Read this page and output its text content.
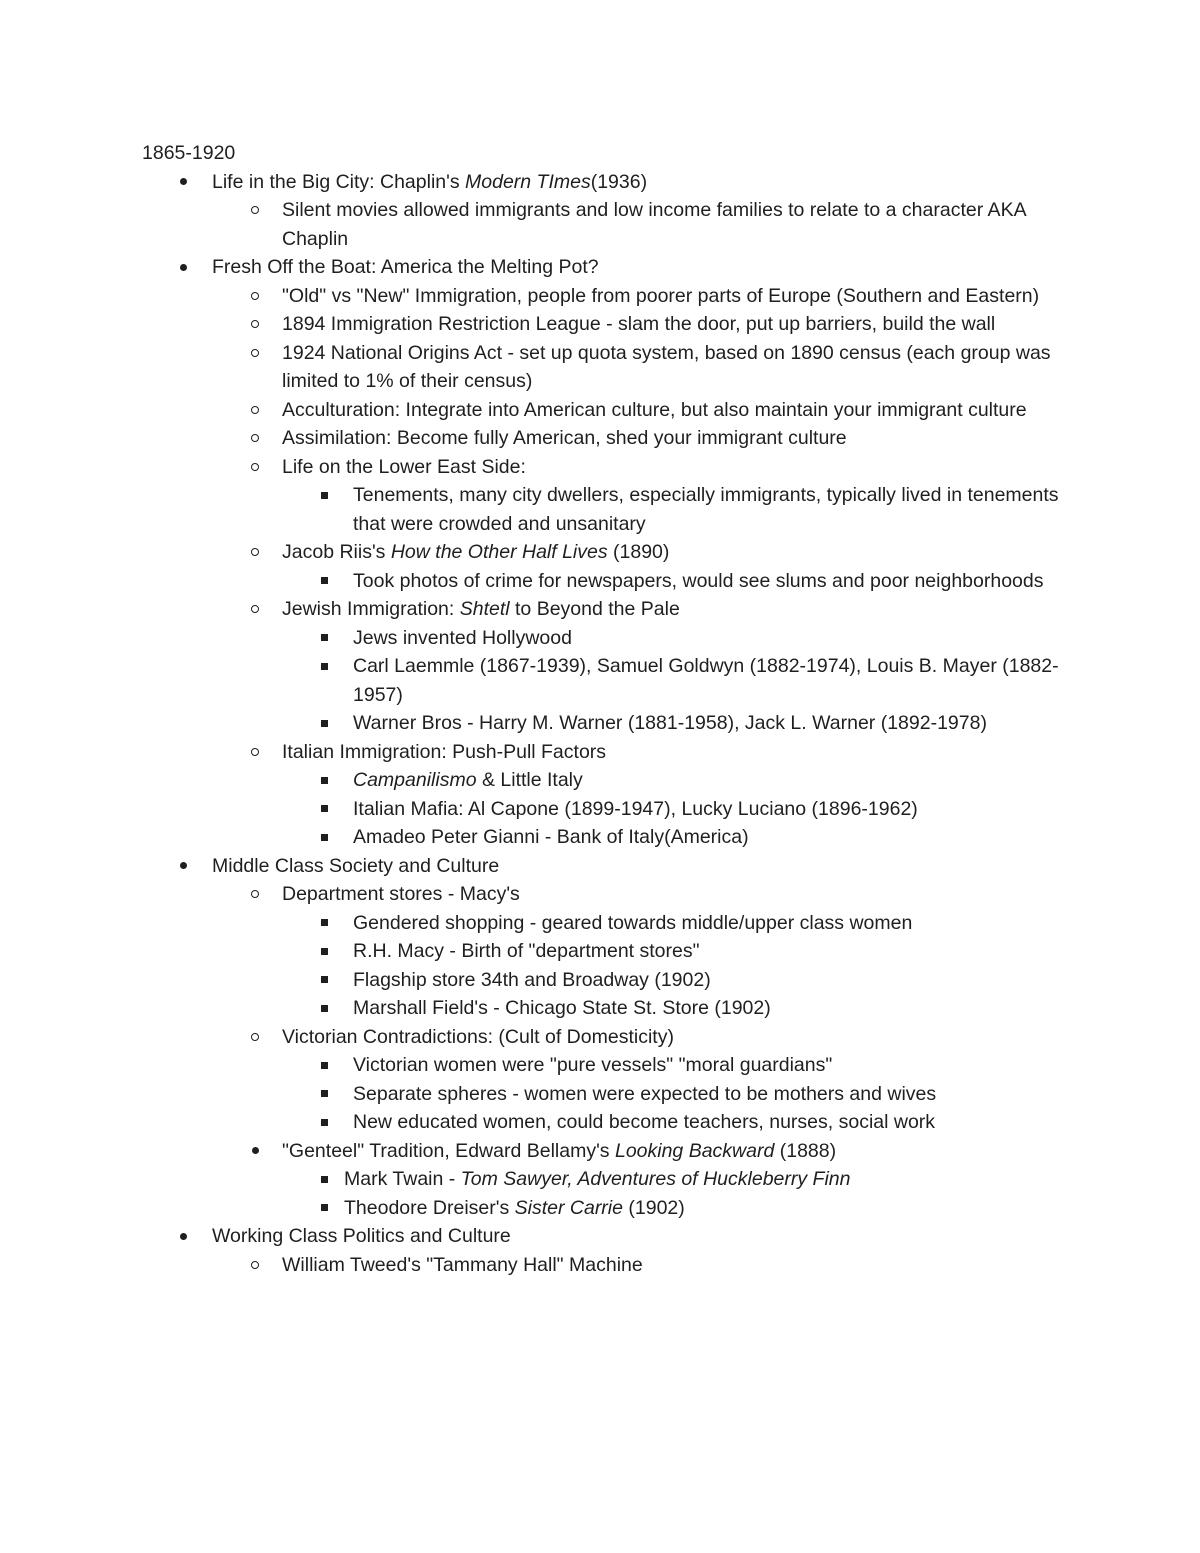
1865-1920
Life in the Big City: Chaplin's Modern TImes(1936)
Silent movies allowed immigrants and low income families to relate to a character AKA Chaplin
Fresh Off the Boat: America the Melting Pot?
"Old" vs "New" Immigration, people from poorer parts of Europe (Southern and Eastern)
1894 Immigration Restriction League - slam the door, put up barriers, build the wall
1924 National Origins Act - set up quota system, based on 1890 census (each group was limited to 1% of their census)
Acculturation: Integrate into American culture, but also maintain your immigrant culture
Assimilation: Become fully American, shed your immigrant culture
Life on the Lower East Side:
Tenements, many city dwellers, especially immigrants, typically lived in tenements that were crowded and unsanitary
Jacob Riis's How the Other Half Lives (1890)
Took photos of crime for newspapers, would see slums and poor neighborhoods
Jewish Immigration: Shtetl to Beyond the Pale
Jews invented Hollywood
Carl Laemmle (1867-1939), Samuel Goldwyn (1882-1974), Louis B. Mayer (1882-1957)
Warner Bros - Harry M. Warner (1881-1958), Jack L. Warner (1892-1978)
Italian Immigration: Push-Pull Factors
Campanilismo & Little Italy
Italian Mafia: Al Capone (1899-1947), Lucky Luciano (1896-1962)
Amadeo Peter Gianni - Bank of Italy(America)
Middle Class Society and Culture
Department stores - Macy's
Gendered shopping - geared towards middle/upper class women
R.H. Macy - Birth of "department stores"
Flagship store 34th and Broadway (1902)
Marshall Field's - Chicago State St. Store (1902)
Victorian Contradictions: (Cult of Domesticity)
Victorian women were "pure vessels" "moral guardians"
Separate spheres - women were expected to be mothers and wives
New educated women, could become teachers, nurses, social work
"Genteel" Tradition, Edward Bellamy's Looking Backward (1888)
Mark Twain - Tom Sawyer, Adventures of Huckleberry Finn
Theodore Dreiser's Sister Carrie (1902)
Working Class Politics and Culture
William Tweed's "Tammany Hall" Machine
